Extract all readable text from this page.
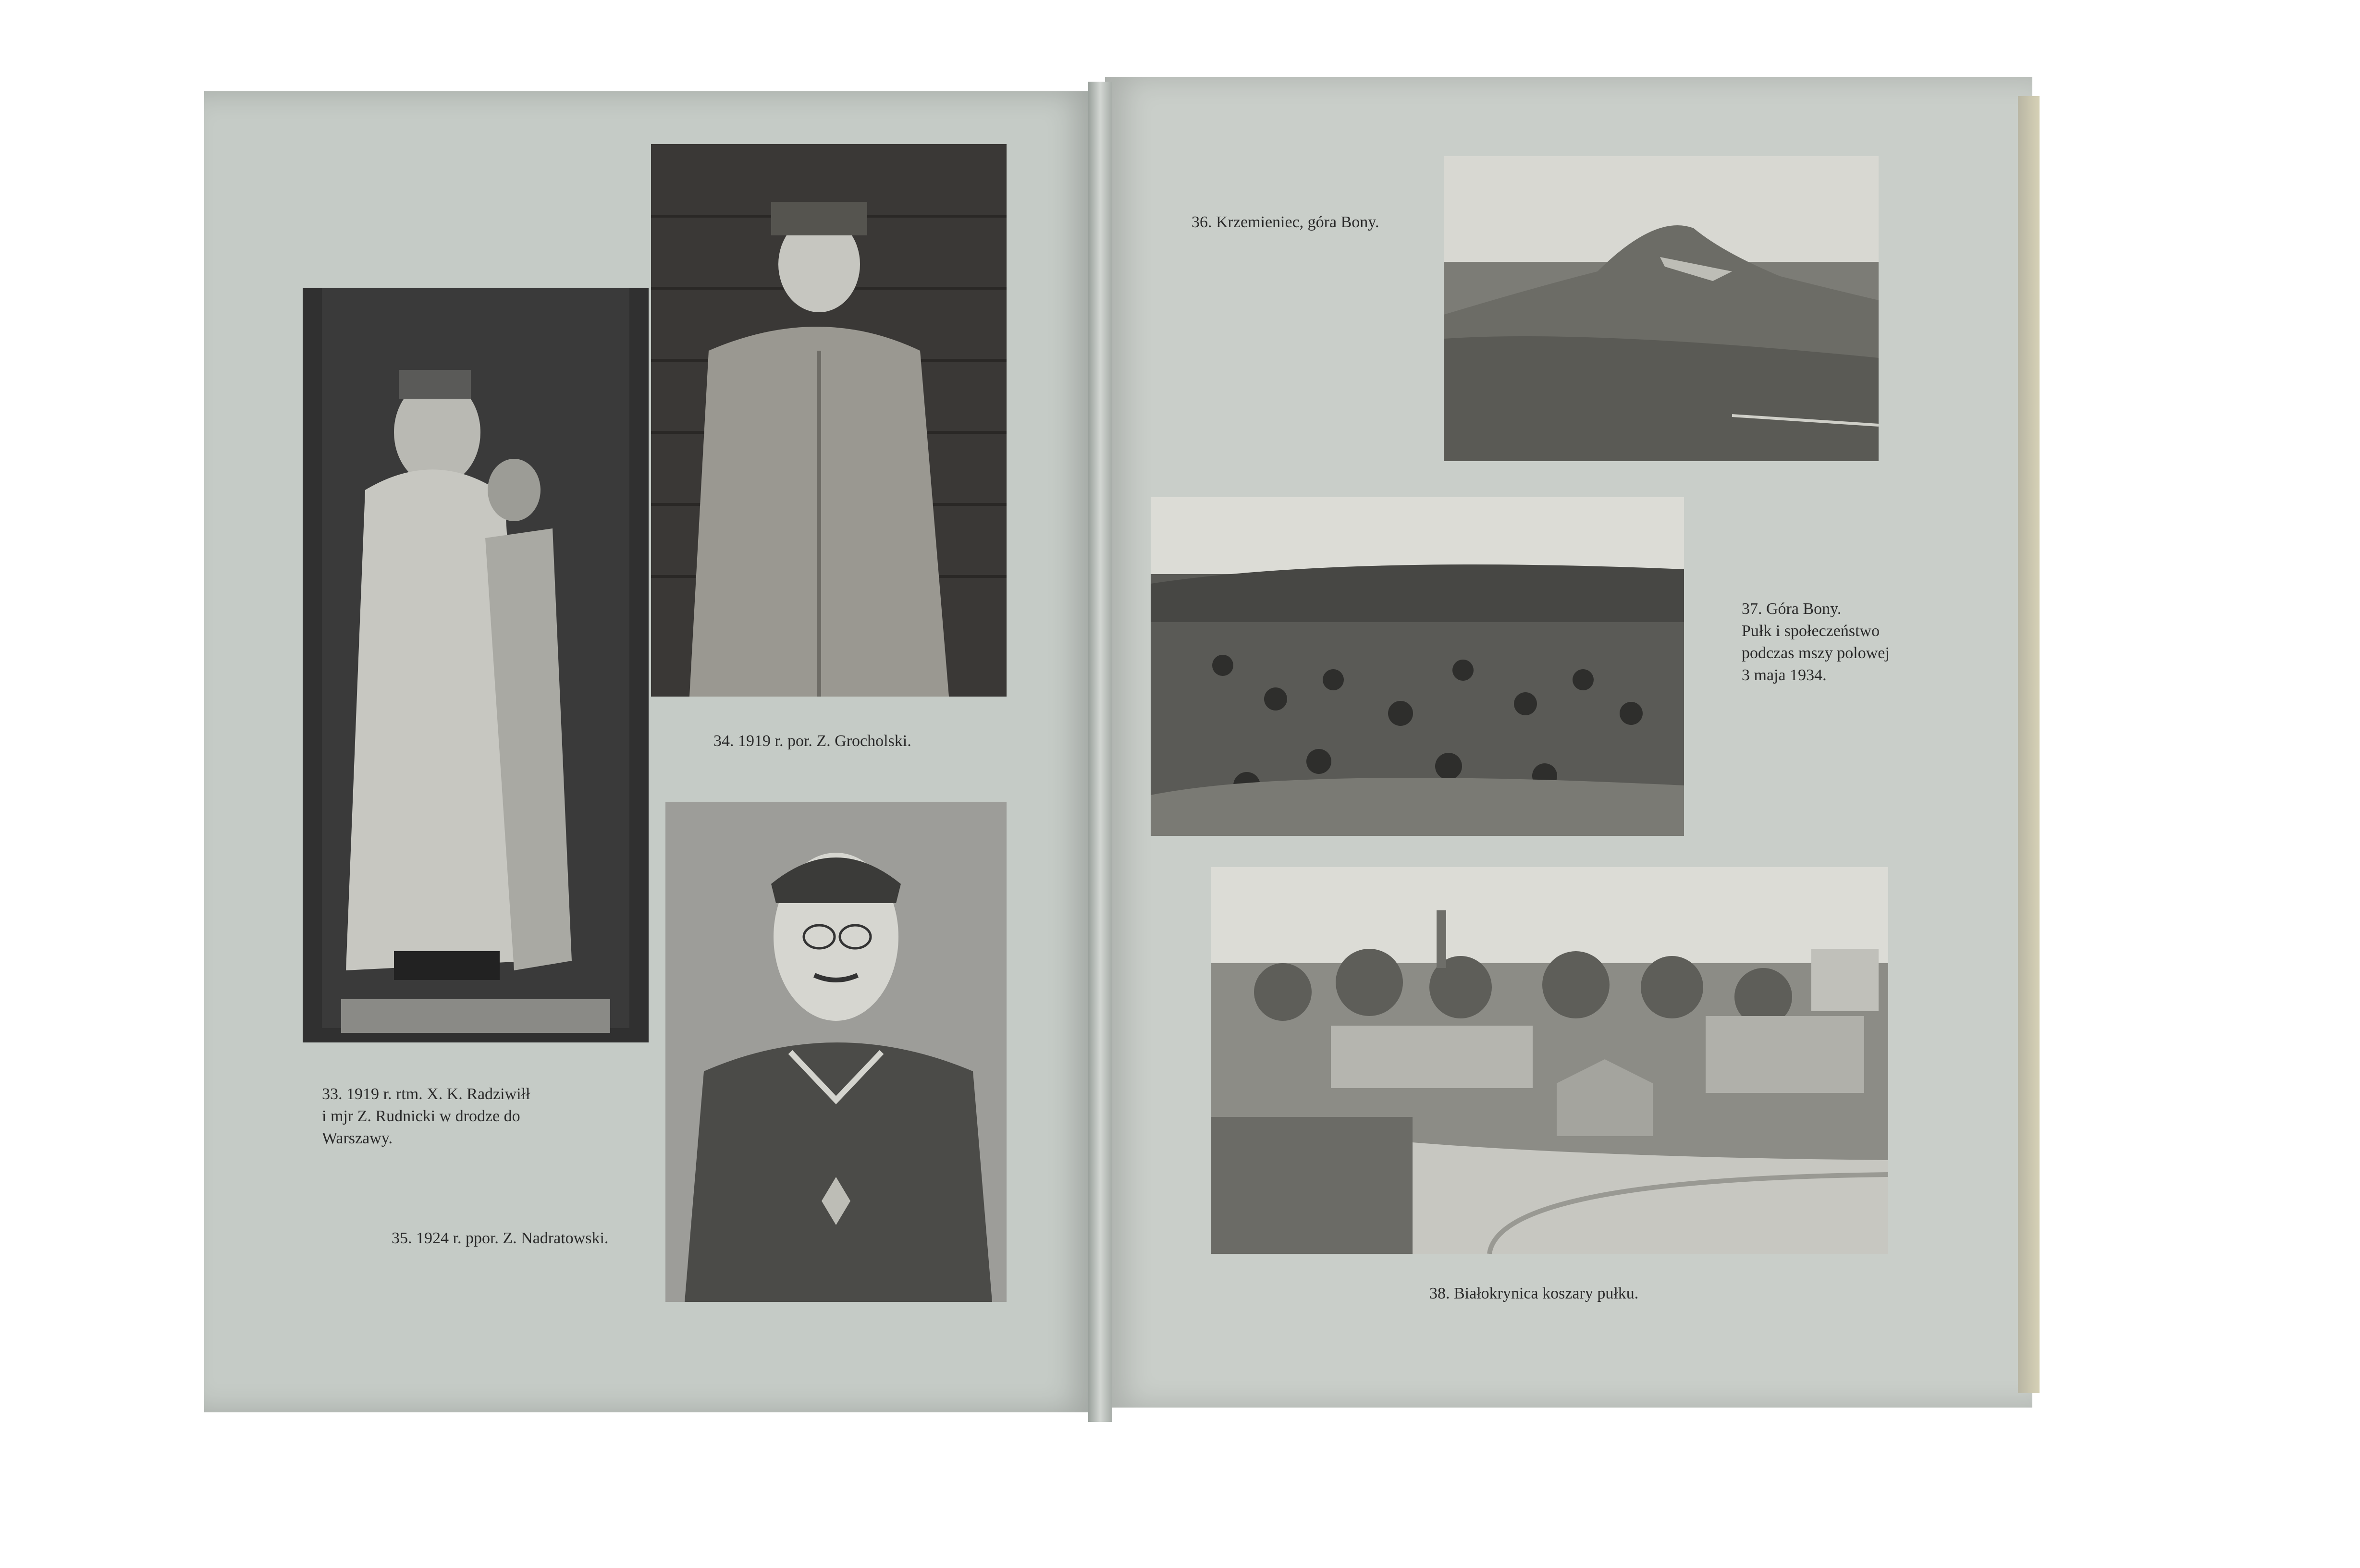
33. 1919 r. rtm. X. K. Radziwiłł
i mjr Z. Rudnicki w drodze do
Warszawy.
34. 1919 r. por. Z. Grocholski.
35. 1924 r. ppor. Z. Nadratowski.
36. Krzemieniec, góra Bony.
37. Góra Bony.
Pułk i społeczeństwo
podczas mszy polowej
3 maja 1934.
38. Białokrynica koszary pułku.
